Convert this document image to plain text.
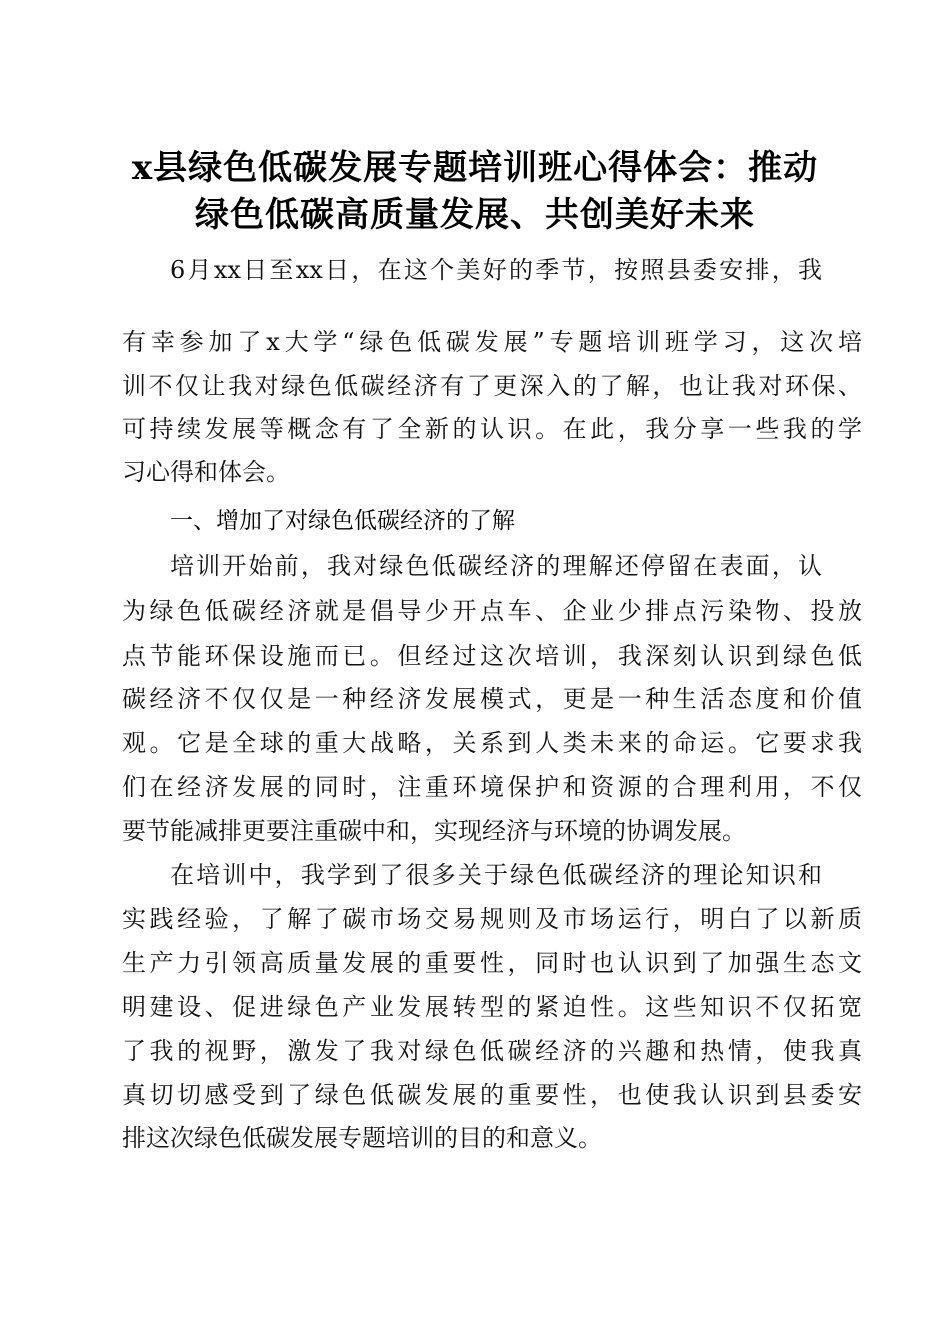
x县绿色低碳发展专题培训班心得体会：推动
绿色低碳高质量发展、共创美好未来
6月xx日至xx日，在这个美好的季节，按照县委安排，我
有幸参加了x大学“绿色低碳发展”专题培训班学习，这次培
训不仅让我对绿色低碳经济有了更深入的了解，也让我对环保、
可持续发展等概念有了全新的认识。在此，我分享一些我的学
习心得和体会。
一、增加了对绿色低碳经济的了解
培训开始前，我对绿色低碳经济的理解还停留在表面，认
为绿色低碳经济就是倡导少开点车、企业少排点污染物、投放
点节能环保设施而已。但经过这次培训，我深刻认识到绿色低
碳经济不仅仅是一种经济发展模式，更是一种生活态度和价值
观。它是全球的重大战略，关系到人类未来的命运。它要求我
们在经济发展的同时，注重环境保护和资源的合理利用，不仅
要节能减排更要注重碳中和，实现经济与环境的协调发展。
在培训中，我学到了很多关于绿色低碳经济的理论知识和
实践经验，了解了碳市场交易规则及市场运行，明白了以新质
生产力引领高质量发展的重要性，同时也认识到了加强生态文
明建设、促进绿色产业发展转型的紧迫性。这些知识不仅拓宽
了我的视野，激发了我对绿色低碳经济的兴趣和热情，使我真
真切切感受到了绿色低碳发展的重要性，也使我认识到县委安
排这次绿色低碳发展专题培训的目的和意义。
